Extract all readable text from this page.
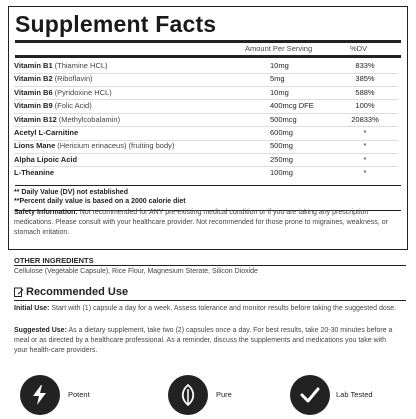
Supplement Facts
Amount Per Serving	%DV
Vitamin B1 (Thiamine HCL)	10mg	833%
Vitamin B2 (Riboflavin)	5mg	385%
Vitamin B6 (Pyridoxine HCL)	10mg	588%
Vitamin B9 (Folic Acid)	400mcg DFE	100%
Vitamin B12 (Methylcobalamin)	500mcg	20833%
Acetyl L-Carnitine	600mg	*
Lions Mane (Hericium erinaceus) (fruiting body)	500mg	*
Alpha Lipoic Acid	250mg	*
L-Theanine	100mg	*
** Daily Value (DV) not established
**Percent daily value is based on a 2000 calorie diet
Safety Information: Not recommended for ANY pre-existing medical condition or if you are taking any prescription medications. Please consult with your healthcare provider. Not recommended for those prone to migraines, weakness, or stomach irritation.
OTHER INGREDIENTS
Cellulose (Vegetable Capsule), Rice Flour, Magnesium Sterate, Silicon Dioxide
Recommended Use
Initial Use: Start with (1) capsule a day for a week. Assess tolerance and monitor results before taking the suggested dose.
Suggested Use: As a dietary supplement, take two (2) capsules once a day. For best results, take 20-30 minutes before a meal or as directed by a healthcare professional. As a reminder, discuss the supplements and medications you take with your health-care providers.
Potent	Pure	Lab Tested
